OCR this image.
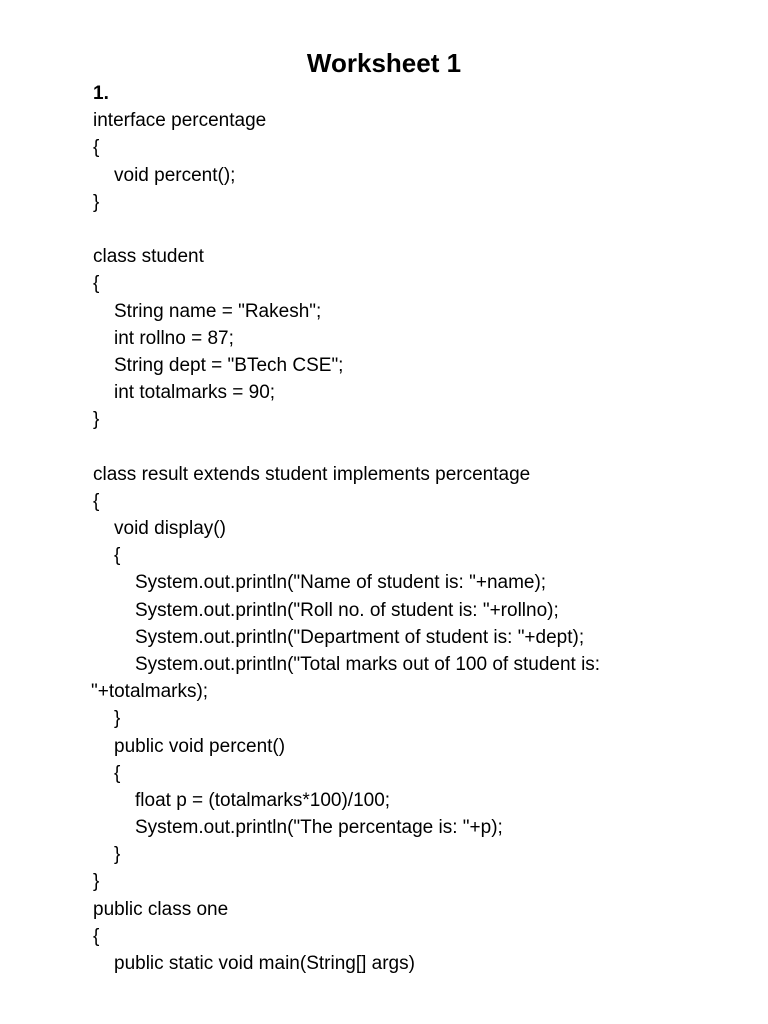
Worksheet 1
1.
interface percentage
{
void percent();
}
class student
{
String name = "Rakesh";
int rollno = 87;
String dept = "BTech CSE";
int totalmarks = 90;
}
class result extends student implements percentage
{
void display()
{
System.out.println("Name of student is: "+name);
System.out.println("Roll no. of student is: "+rollno);
System.out.println("Department of student is: "+dept);
System.out.println("Total marks out of 100 of student is:
"+totalmarks);
}
public void percent()
{
float p = (totalmarks*100)/100;
System.out.println("The percentage is: "+p);
}
}
public class one
{
public static void main(String[] args)
